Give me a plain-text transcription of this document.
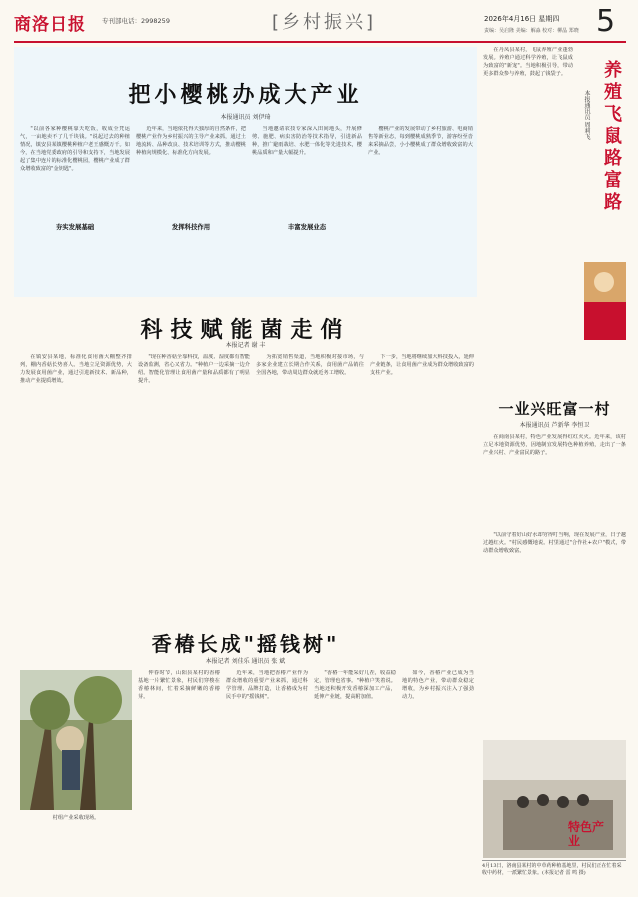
商洛日报 专刊部电话：2998259	[乡村振兴]	2026年4月16日 星期四
责编：吴启隆 美编：解淼 校对：柳晶 郑晓 5
把小樱桃办成大产业
本报通讯员 刘伊琦

"以前各家种樱桃靠天吃饭，收成全凭运气，一亩地卖不了几千块钱。"说起过去的种植情况，镇安县某镇樱桃种植户老王感慨万千。如今，在当地党委政府的引导和支持下，当地发展起了集中连片的标准化樱桃园，樱桃产业成了群众增收致富的"金钥匙"。

夯实发展基础

近年来，当地依托得天独厚的自然条件，把樱桃产业作为乡村振兴的主导产业来抓，通过土地流转、品种改良、技术培训等方式，推动樱桃种植向规模化、标准化方向发展。

发挥科技作用

当地邀请农技专家深入田间地头，开展修剪、施肥、病虫害防治等技术指导，引进新品种，推广避雨栽培、水肥一体化等先进技术，樱桃品质和产量大幅提升。

丰富发展业态

樱桃产业的发展带动了乡村旅游、电商销售等新业态，每到樱桃成熟季节，游客纷至沓来采摘品尝，小小樱桃成了群众增收致富的大产业。

科技赋能菌走俏
本报记者 谢 丰

在镇安县某地，标准化食用菌大棚整齐排列，棚内香菇长势喜人。当地立足资源优势，大力发展食用菌产业，通过引进新技术、新品种，推动产业提质增效。

"现在种香菇全靠科技，温度、湿度都有智能设备监测，省心又省力。"种植户一边采摘一边介绍。智能化管理让食用菌产量和品质都有了明显提升。

为拓宽销售渠道，当地积极对接市场，与多家企业建立长期合作关系，食用菌产品销往全国各地，带动周边群众就近务工增收。

下一步，当地将继续加大科技投入，延伸产业链条，让食用菌产业成为群众增收致富的支柱产业。

香椿长成"摇钱树"
本报记者 刘佳乐 通讯员 张 斌
村组产业采收现场。

仲春时节，山阳县某村的香椿基地一片繁忙景象，村民们穿梭在香椿林间，忙着采摘鲜嫩的香椿芽。

近年来，当地把香椿产业作为群众增收的重要产业来抓，通过科学管理、品牌打造，让香椿成为村民手中的"摇钱树"。

"香椿一年能采好几茬，收益稳定，管理也省事。"种植户笑着说。当地还积极开发香椿深加工产品，延伸产业链，提高附加值。

如今，香椿产业已成为当地的特色产业，带动群众稳定增收，为乡村振兴注入了强劲动力。

在丹凤县某村，飞鼠养殖产业蓬勃发展。养殖户通过科学养殖，让飞鼠成为致富的"新宠"。当地积极引导，带动更多群众参与养殖，鼓起了钱袋子。	养殖飞鼠路富路
本报通讯员 周莉飞
一业兴旺富一村
本报通讯员 芦新华 李恒卫

在商南县某村，特色产业发展得红红火火。近年来，该村立足本地资源优势，因地制宜发展特色种植养殖，走出了一条产业兴村、产业富民的路子。

"以前守着好山好水却穷得叮当响，现在发展产业，日子越过越红火。"村民感慨地说。村里通过"合作社+农户"模式，带动群众增收致富。

特色产业
4月13日，洛南县某村的中草药种植基地里，村民们正在忙着采收中药材，一派繁忙景象。(本报记者 雷 鸣 摄)
